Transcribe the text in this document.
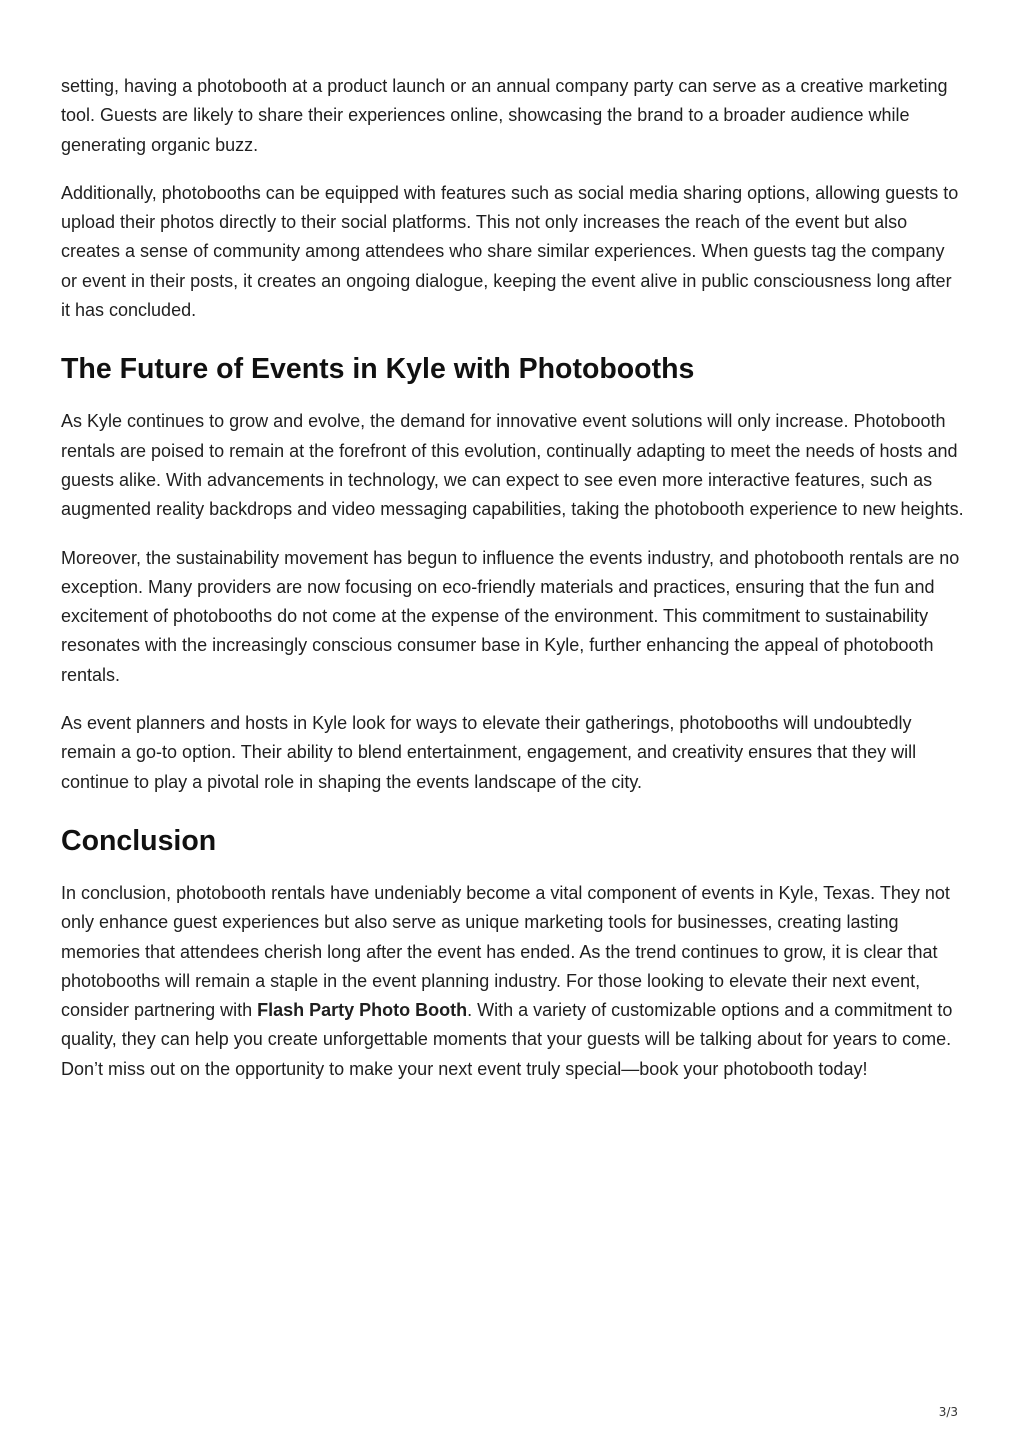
setting, having a photobooth at a product launch or an annual company party can serve as a creative marketing tool. Guests are likely to share their experiences online, showcasing the brand to a broader audience while generating organic buzz.

Additionally, photobooths can be equipped with features such as social media sharing options, allowing guests to upload their photos directly to their social platforms. This not only increases the reach of the event but also creates a sense of community among attendees who share similar experiences. When guests tag the company or event in their posts, it creates an ongoing dialogue, keeping the event alive in public consciousness long after it has concluded.

The Future of Events in Kyle with Photobooths

As Kyle continues to grow and evolve, the demand for innovative event solutions will only increase. Photobooth rentals are poised to remain at the forefront of this evolution, continually adapting to meet the needs of hosts and guests alike. With advancements in technology, we can expect to see even more interactive features, such as augmented reality backdrops and video messaging capabilities, taking the photobooth experience to new heights.

Moreover, the sustainability movement has begun to influence the events industry, and photobooth rentals are no exception. Many providers are now focusing on eco-friendly materials and practices, ensuring that the fun and excitement of photobooths do not come at the expense of the environment. This commitment to sustainability resonates with the increasingly conscious consumer base in Kyle, further enhancing the appeal of photobooth rentals.

As event planners and hosts in Kyle look for ways to elevate their gatherings, photobooths will undoubtedly remain a go-to option. Their ability to blend entertainment, engagement, and creativity ensures that they will continue to play a pivotal role in shaping the events landscape of the city.

Conclusion

In conclusion, photobooth rentals have undeniably become a vital component of events in Kyle, Texas. They not only enhance guest experiences but also serve as unique marketing tools for businesses, creating lasting memories that attendees cherish long after the event has ended. As the trend continues to grow, it is clear that photobooths will remain a staple in the event planning industry. For those looking to elevate their next event, consider partnering with Flash Party Photo Booth. With a variety of customizable options and a commitment to quality, they can help you create unforgettable moments that your guests will be talking about for years to come. Don’t miss out on the opportunity to make your next event truly special—book your photobooth today!

3/3
